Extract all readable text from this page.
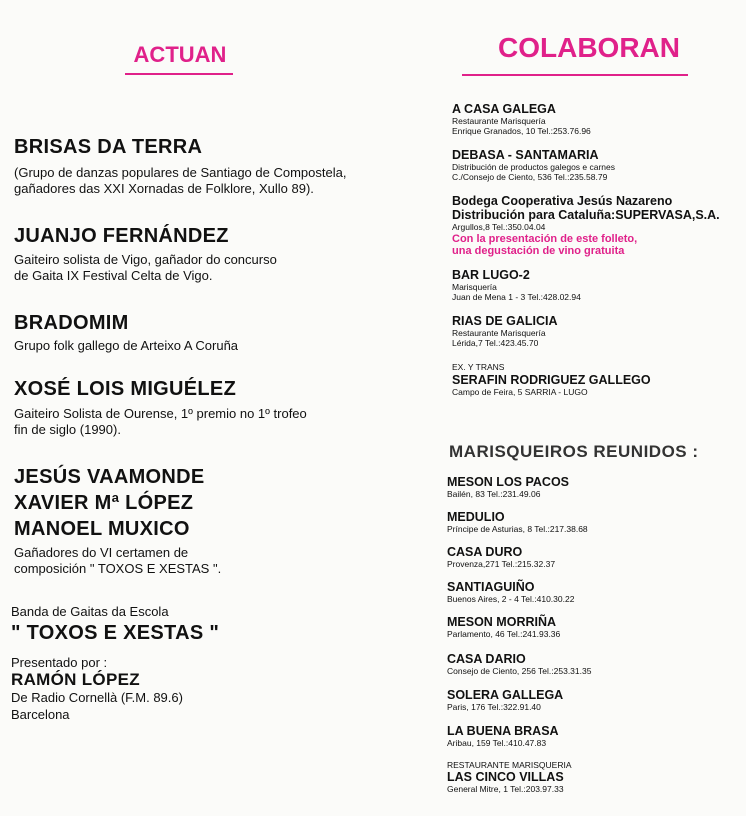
ACTUAN
BRISAS DA TERRA
(Grupo de danzas populares de Santiago de Compostela, gañadores das XXI Xornadas de Folklore, Xullo 89).
JUANJO FERNÁNDEZ
Gaiteiro solista de Vigo, gañador do concurso de Gaita IX Festival Celta de Vigo.
BRADOMIM
Grupo folk gallego de Arteixo A Coruña
XOSÉ LOIS MIGUÉLEZ
Gaiteiro Solista de Ourense, 1º premio no 1º trofeo fin de siglo (1990).
JESÚS VAAMONDE
XAVIER Mª LÓPEZ
MANOEL MUXICO
Gañadores do VI certamen de composición " TOXOS E XESTAS ".
Banda de Gaitas da Escola
" TOXOS E XESTAS "
Presentado por :
RAMÓN LÓPEZ
De Radio Cornellà (F.M. 89.6)
Barcelona
COLABORAN
A CASA GALEGA
Restaurante Marisquería
Enrique Granados, 10 Tel.:253.76.96
DEBASA - SANTAMARIA
Distribución de productos galegos e carnes
C./Consejo de Ciento, 536 Tel.:235.58.79
Bodega Cooperativa Jesús Nazareno
Distribución para Cataluña:SUPERVASA,S.A.
Argullos,8 Tel.:350.04.04
Con la presentación de este folleto,
una degustación de vino gratuita
BAR LUGO-2
Marisquería
Juan de Mena 1 - 3 Tel.:428.02.94
RIAS DE GALICIA
Restaurante Marisquería
Lérida,7 Tel.:423.45.70
EX. Y TRANS
SERAFIN RODRIGUEZ GALLEGO
Campo de Feira, 5 SARRIA - LUGO
MARISQUEIROS REUNIDOS :
MESON LOS PACOS
Bailén, 83 Tel.:231.49.06
MEDULIO
Príncipe de Asturias, 8 Tel.:217.38.68
CASA DURO
Provenza,271 Tel.:215.32.37
SANTIAGUIÑO
Buenos Aires, 2 - 4 Tel.:410.30.22
MESON MORRIÑA
Parlamento, 46 Tel.:241.93.36
CASA DARIO
Consejo de Ciento, 256 Tel.:253.31.35
SOLERA GALLEGA
Paris, 176 Tel.:322.91.40
LA BUENA BRASA
Aribau, 159 Tel.:410.47.83
RESTAURANTE MARISQUERIA
LAS CINCO VILLAS
General Mitre, 1 Tel.:203.97.33
